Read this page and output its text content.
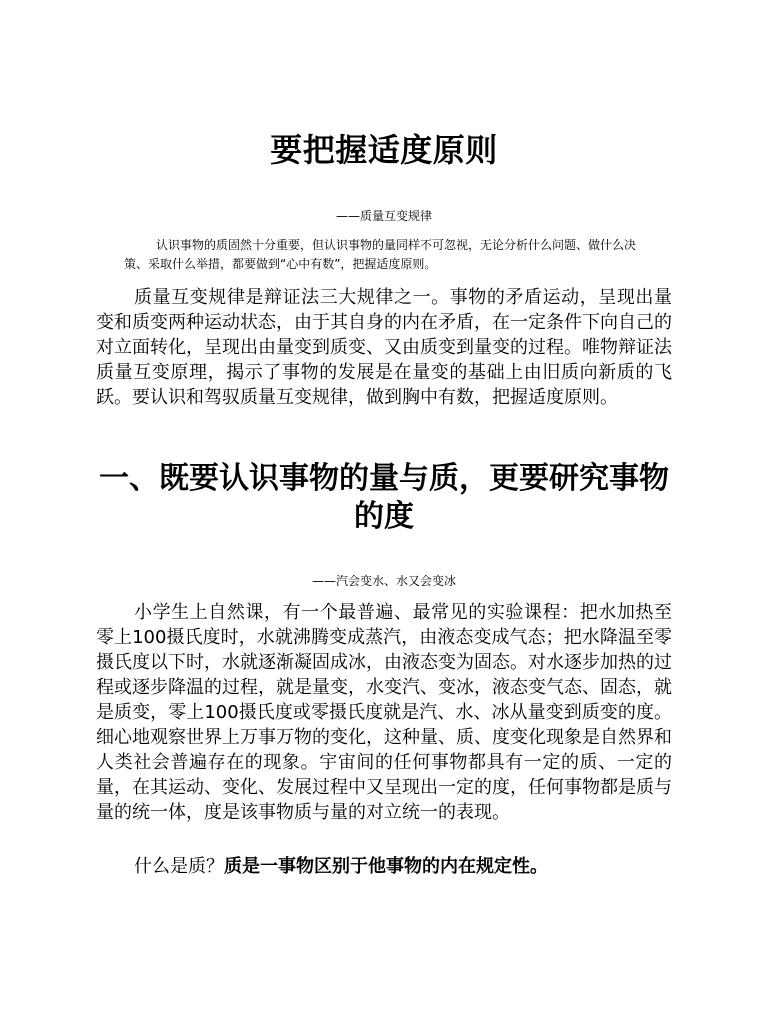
要把握适度原则
——质量互变规律

认识事物的质固然十分重要，但认识事物的量同样不可忽视，无论分析什么问题、做什么决策、采取什么举措，都要做到“心中有数”，把握适度原则。

质量互变规律是辩证法三大规律之一。事物的矛盾运动，呈现出量变和质变两种运动状态，由于其自身的内在矛盾，在一定条件下向自己的对立面转化，呈现出由量变到质变、又由质变到量变的过程。唯物辩证法质量互变原理，揭示了事物的发展是在量变的基础上由旧质向新质的飞跃。要认识和驾驭质量互变规律，做到胸中有数，把握适度原则。

一、既要认识事物的量与质，更要研究事物的度
——汽会变水、水又会变冰

小学生上自然课，有一个最普遍、最常见的实验课程：把水加热至零上100摄氏度时，水就沸腾变成蒸汽，由液态变成气态；把水降温至零摄氏度以下时，水就逐渐凝固成冰，由液态变为固态。对水逐步加热的过程或逐步降温的过程，就是量变，水变汽、变冰，液态变气态、固态，就是质变，零上100摄氏度或零摄氏度就是汽、水、冰从量变到质变的度。细心地观察世界上万事万物的变化，这种量、质、度变化现象是自然界和人类社会普遍存在的现象。宇宙间的任何事物都具有一定的质、一定的量，在其运动、变化、发展过程中又呈现出一定的度，任何事物都是质与量的统一体，度是该事物质与量的对立统一的表现。

什么是质？质是一事物区别于他事物的内在规定性。
